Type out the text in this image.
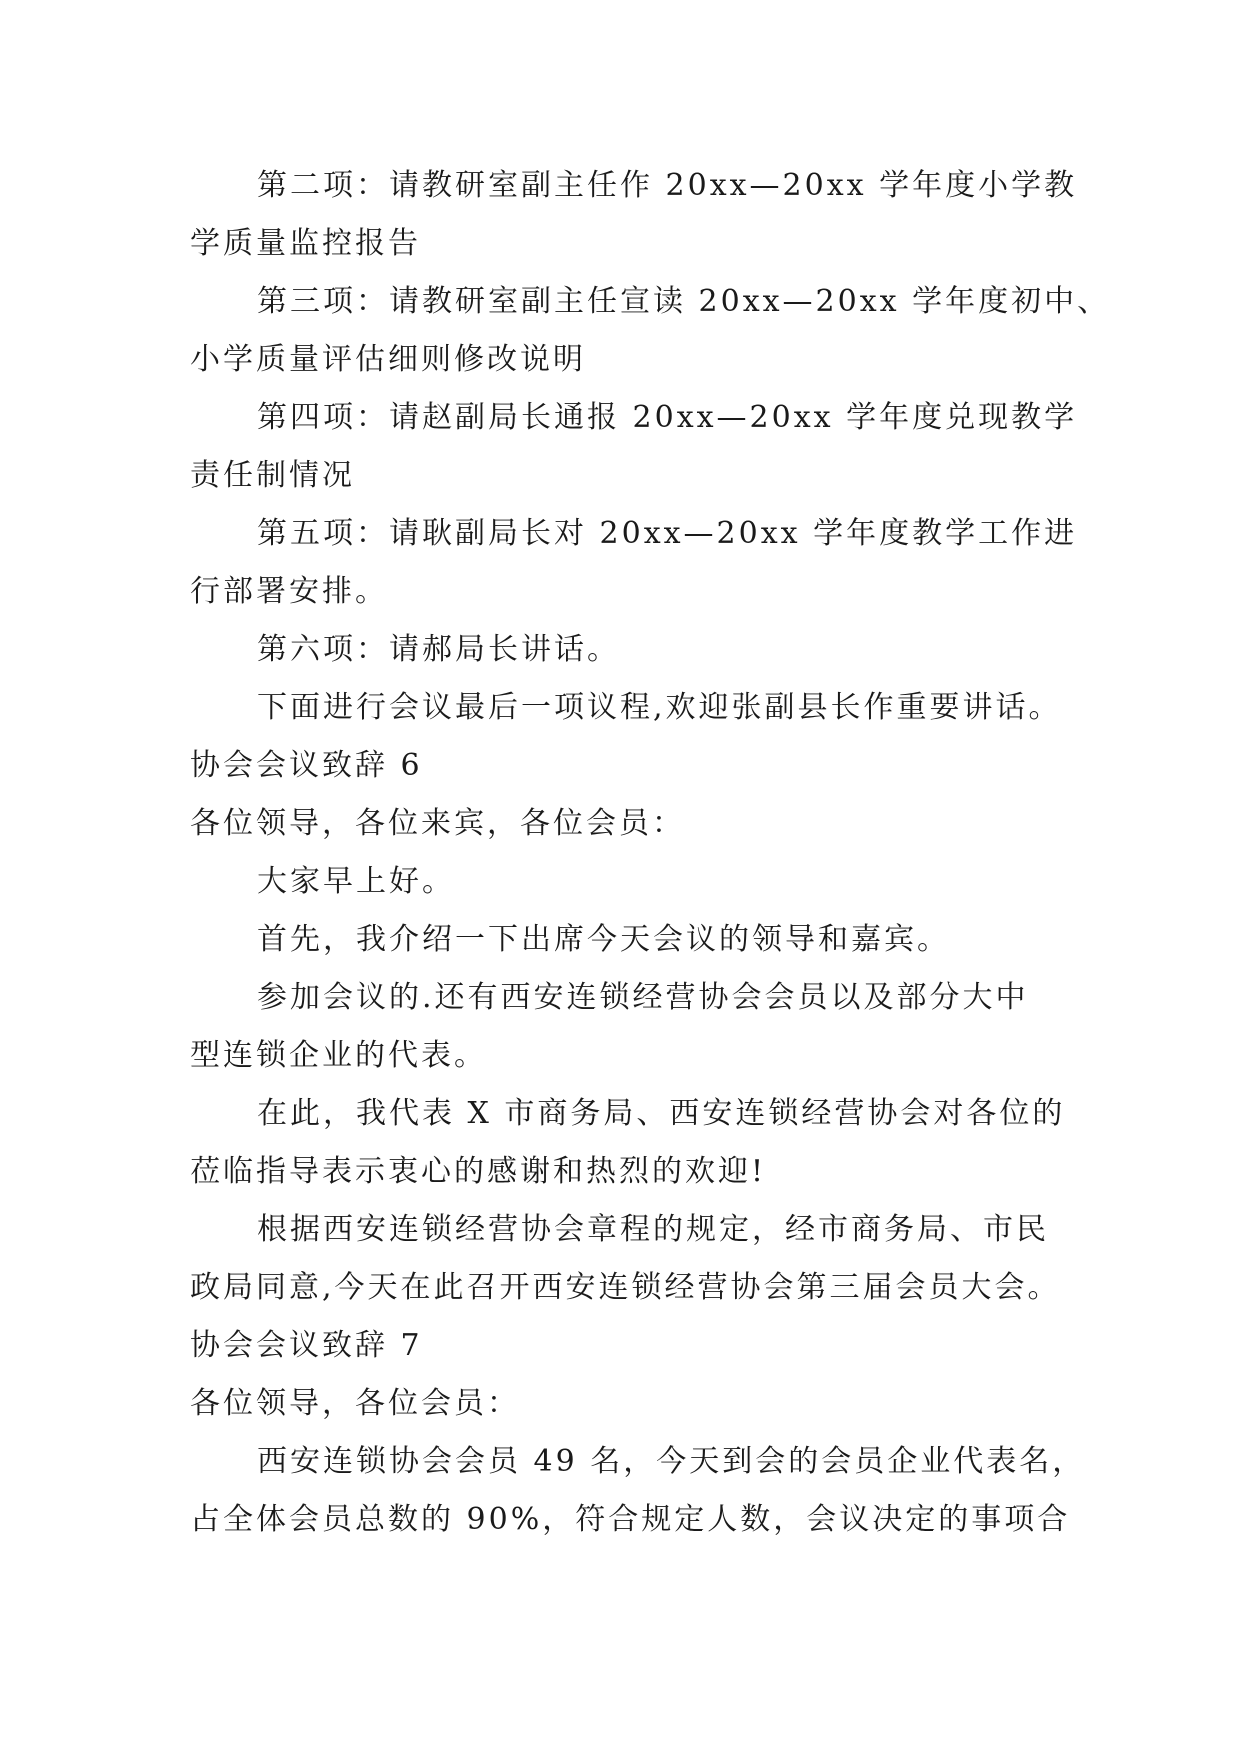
第二项：请教研室副主任作 20xx—20xx 学年度小学教

学质量监控报告

第三项：请教研室副主任宣读 20xx—20xx 学年度初中、

小学质量评估细则修改说明

第四项：请赵副局长通报 20xx—20xx 学年度兑现教学

责任制情况

第五项：请耿副局长对 20xx—20xx 学年度教学工作进

行部署安排。

第六项：请郝局长讲话。

下面进行会议最后一项议程,欢迎张副县长作重要讲话。

协会会议致辞 6

各位领导，各位来宾，各位会员：

大家早上好。

首先，我介绍一下出席今天会议的领导和嘉宾。

参加会议的.还有西安连锁经营协会会员以及部分大中

型连锁企业的代表。

在此，我代表 X 市商务局、西安连锁经营协会对各位的

莅临指导表示衷心的感谢和热烈的欢迎!

根据西安连锁经营协会章程的规定，经市商务局、市民

政局同意,今天在此召开西安连锁经营协会第三届会员大会。

协会会议致辞 7

各位领导，各位会员：

西安连锁协会会员 49 名，今天到会的会员企业代表名，

占全体会员总数的 90%，符合规定人数，会议决定的事项合
